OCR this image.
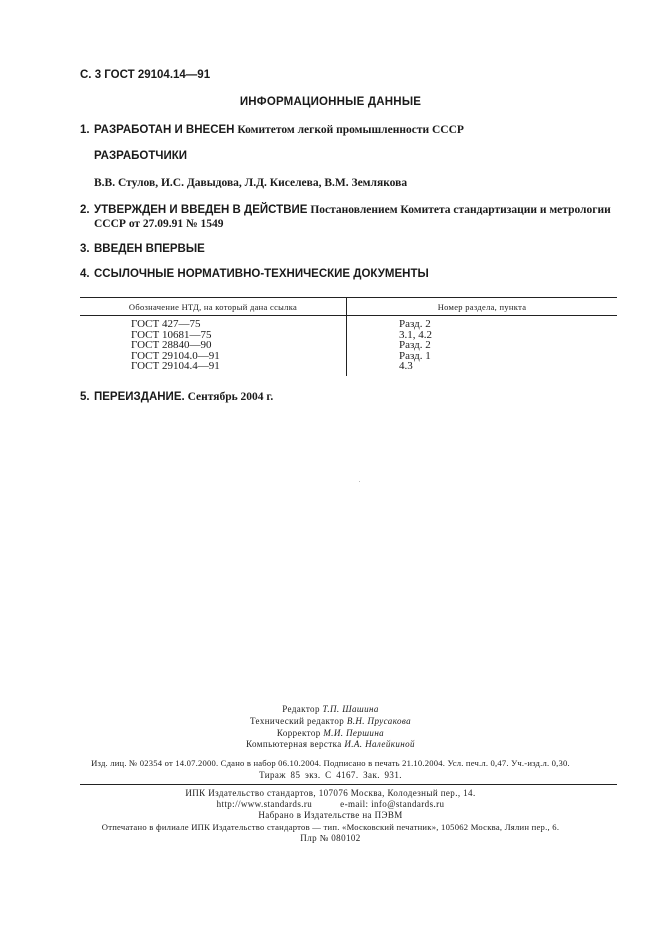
С. 3 ГОСТ 29104.14—91
ИНФОРМАЦИОННЫЕ ДАННЫЕ
1. РАЗРАБОТАН И ВНЕСЕН Комитетом легкой промышленности СССР
РАЗРАБОТЧИКИ
В.В. Стулов, И.С. Давыдова, Л.Д. Киселева, В.М. Землякова
2. УТВЕРЖДЕН И ВВЕДЕН В ДЕЙСТВИЕ Постановлением Комитета стандартизации и метрологии
СССР от 27.09.91 № 1549
3. ВВЕДЕН ВПЕРВЫЕ
4. ССЫЛОЧНЫЕ НОРМАТИВНО-ТЕХНИЧЕСКИЕ ДОКУМЕНТЫ
Обозначение НТД, на который дана ссылка	Номер раздела, пункта
ГОСТ 427—75	Разд. 2
ГОСТ 10681—75	3.1, 4.2
ГОСТ 28840—90	Разд. 2
ГОСТ 29104.0—91	Разд. 1
ГОСТ 29104.4—91	4.3
5. ПЕРЕИЗДАНИЕ. Сентябрь 2004 г.
Редактор Т.П. Шашина
Технический редактор В.Н. Прусакова
Корректор М.И. Першина
Компьютерная верстка И.А. Налейкиной
Изд. лиц. № 02354 от 14.07.2000. Сдано в набор 06.10.2004. Подписано в печать 21.10.2004. Усл. печ.л. 0,47. Уч.-изд.л. 0,30.
Тираж 85 экз. С 4167. Зак. 931.
ИПК Издательство стандартов, 107076 Москва, Колодезный пер., 14.
http://www.standards.ru	e-mail: info@standards.ru
Набрано в Издательстве на ПЭВМ
Отпечатано в филиале ИПК Издательство стандартов — тип. «Московский печатник», 105062 Москва, Лялин пер., 6.
Плр № 080102
